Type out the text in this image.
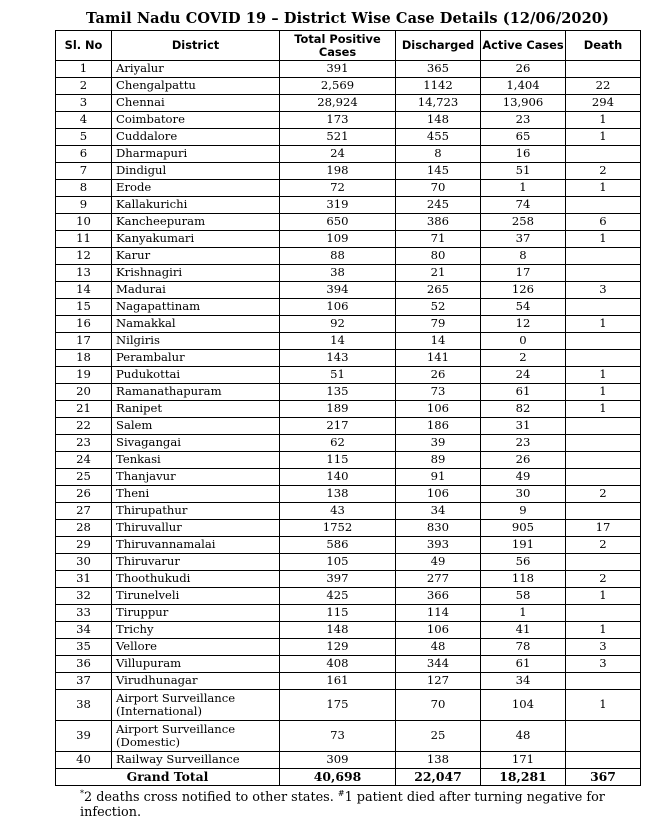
Tamil Nadu COVID 19 – District Wise Case Details (12/06/2020)
Sl. No	District	Total Positive Cases	Discharged	Active Cases	Death
1	Ariyalur	391	365	26	
2	Chengalpattu	2,569	1142	1,404	22
3	Chennai	28,924	14,723	13,906	294
4	Coimbatore	173	148	23	1
5	Cuddalore	521	455	65	1
6	Dharmapuri	24	8	16	
7	Dindigul	198	145	51	2
8	Erode	72	70	1	1
9	Kallakurichi	319	245	74	
10	Kancheepuram	650	386	258	6
11	Kanyakumari	109	71	37	1
12	Karur	88	80	8	
13	Krishnagiri	38	21	17	
14	Madurai	394	265	126	3
15	Nagapattinam	106	52	54	
16	Namakkal	92	79	12	1
17	Nilgiris	14	14	0	
18	Perambalur	143	141	2	
19	Pudukottai	51	26	24	1
20	Ramanathapuram	135	73	61	1
21	Ranipet	189	106	82	1
22	Salem	217	186	31	
23	Sivagangai	62	39	23	
24	Tenkasi	115	89	26	
25	Thanjavur	140	91	49	
26	Theni	138	106	30	2
27	Thirupathur	43	34	9	
28	Thiruvallur	1752	830	905	17
29	Thiruvannamalai	586	393	191	2
30	Thiruvarur	105	49	56	
31	Thoothukudi	397	277	118	2
32	Tirunelveli	425	366	58	1
33	Tiruppur	115	114	1	
34	Trichy	148	106	41	1
35	Vellore	129	48	78	3
36	Villupuram	408	344	61	3
37	Virudhunagar	161	127	34	
38	Airport Surveillance (International)	175	70	104	1
39	Airport Surveillance (Domestic)	73	25	48	
40	Railway Surveillance	309	138	171	
Grand Total		40,698	22,047	18,281	367
*2 deaths cross notified to other states. #1 patient died after turning negative for infection.
